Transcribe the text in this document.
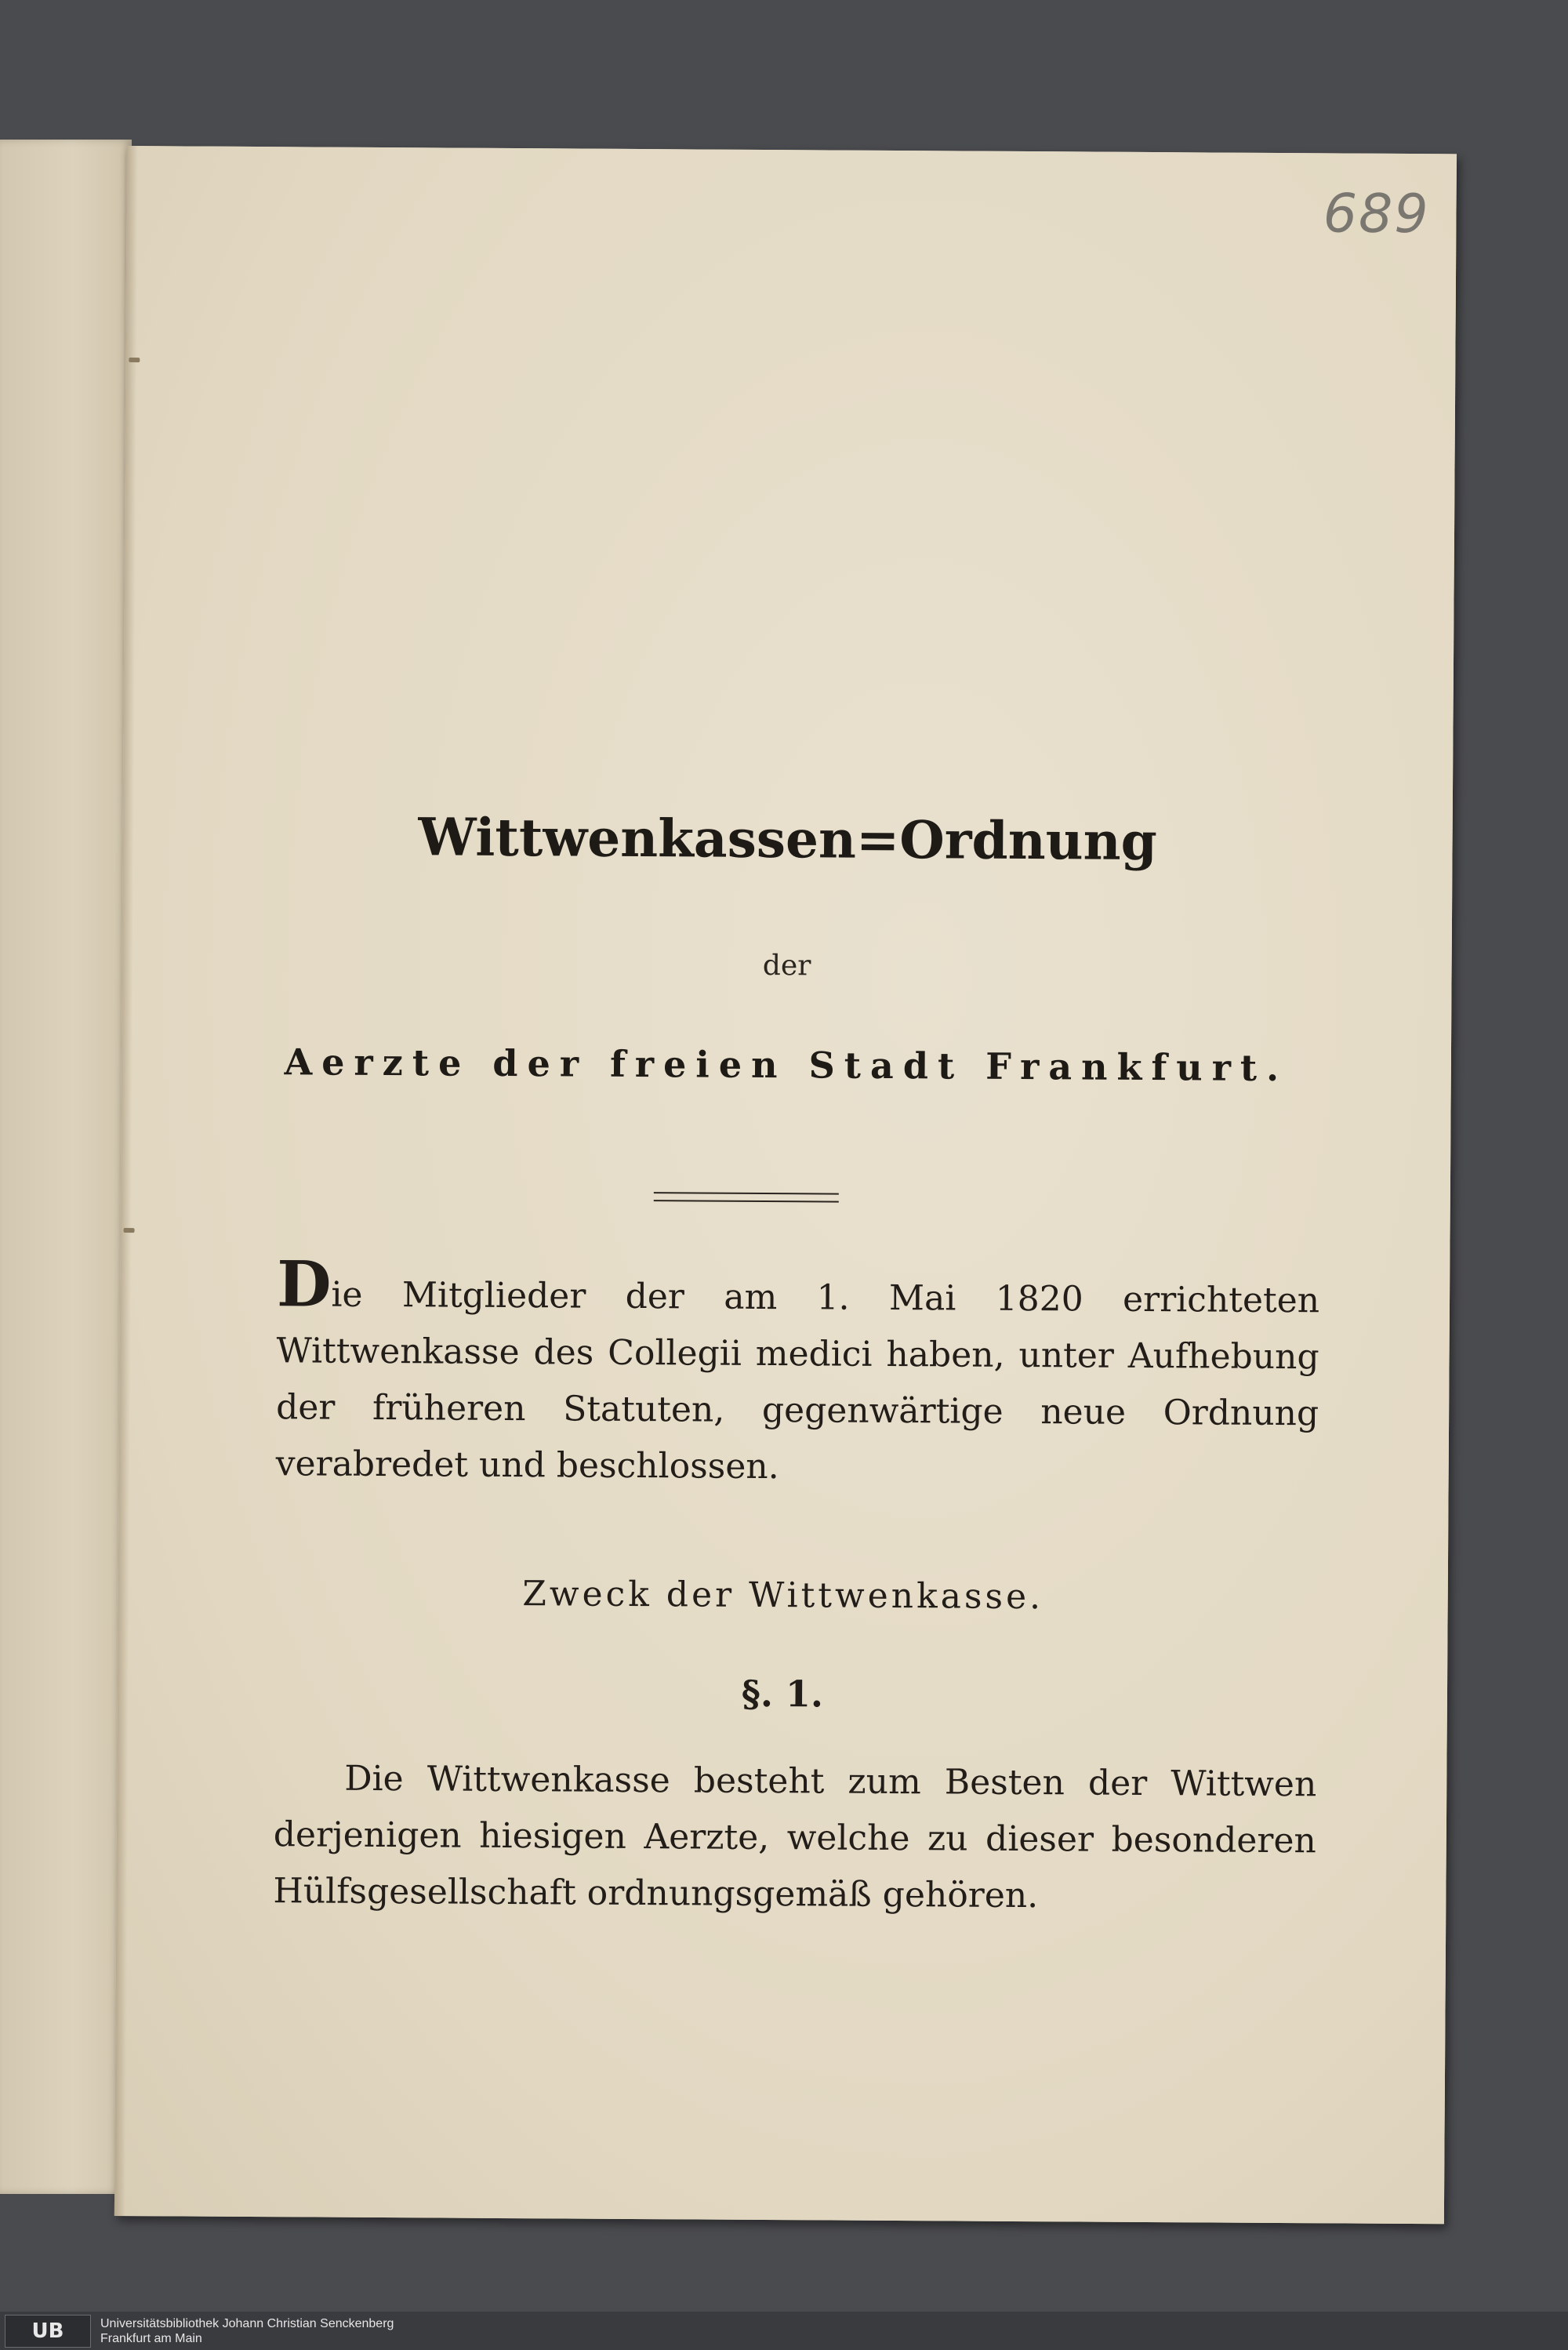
689
Wittwenkassen=Ordnung
der
Aerzte der freien Stadt Frankfurt.
Die Mitglieder der am 1. Mai 1820 errichteten Wittwenkasse des Collegii medici haben, unter Aufhebung der früheren Statuten, gegenwärtige neue Ordnung verabredet und beschlossen.
Zweck der Wittwenkasse.
§. 1.
Die Wittwenkasse besteht zum Besten der Wittwen derjenigen hiesigen Aerzte, welche zu dieser besonderen Hülfsgesellschaft ordnungsgemäß gehören.
UB	Universitätsbibliothek Johann Christian Senckenberg
Frankfurt am Main
